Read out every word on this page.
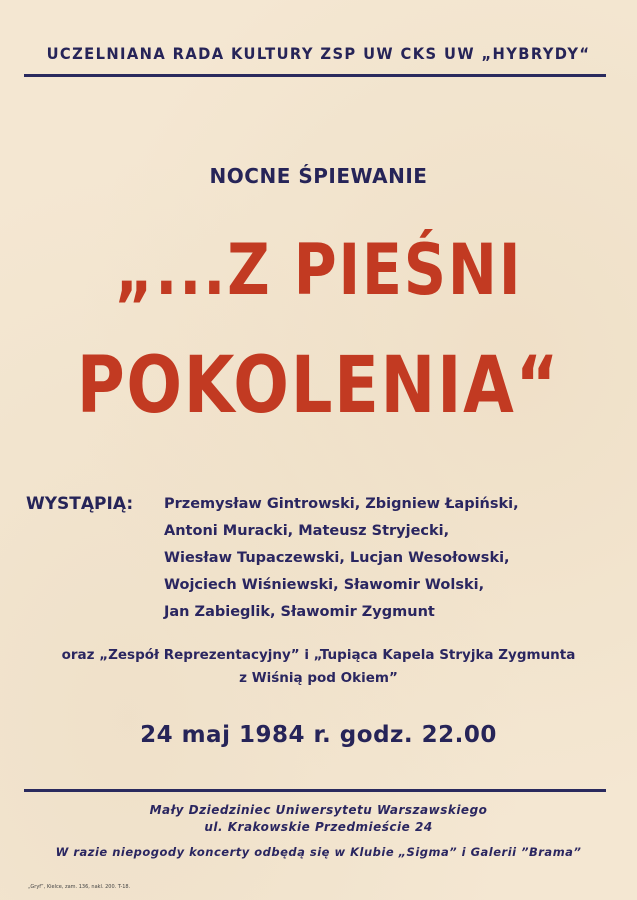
UCZELNIANA RADA KULTURY ZSP UW CKS UW „HYBRYDY“
NOCNE ŚPIEWANIE
„...Z PIEŚNI
POKOLENIA“
WYSTĄPIĄ: Przemysław Gintrowski, Zbigniew Łapiński,
Antoni Muracki, Mateusz Stryjecki,
Wiesław Tupaczewski, Lucjan Wesołowski,
Wojciech Wiśniewski, Sławomir Wolski,
Jan Zabieglik, Sławomir Zygmunt
oraz „Zespół Reprezentacyjny” i „Tupiąca Kapela Stryjka Zygmunta
z Wiśnią pod Okiem”
24 maj 1984 r. godz. 22.00
Mały Dziedziniec Uniwersytetu Warszawskiego
ul. Krakowskie Przedmieście 24
W razie niepogody koncerty odbędą się w Klubie „Sigma” i Galerii ”Brama”
„Gryf”, Kielce, zam. 136, nakl. 200. T-18.
